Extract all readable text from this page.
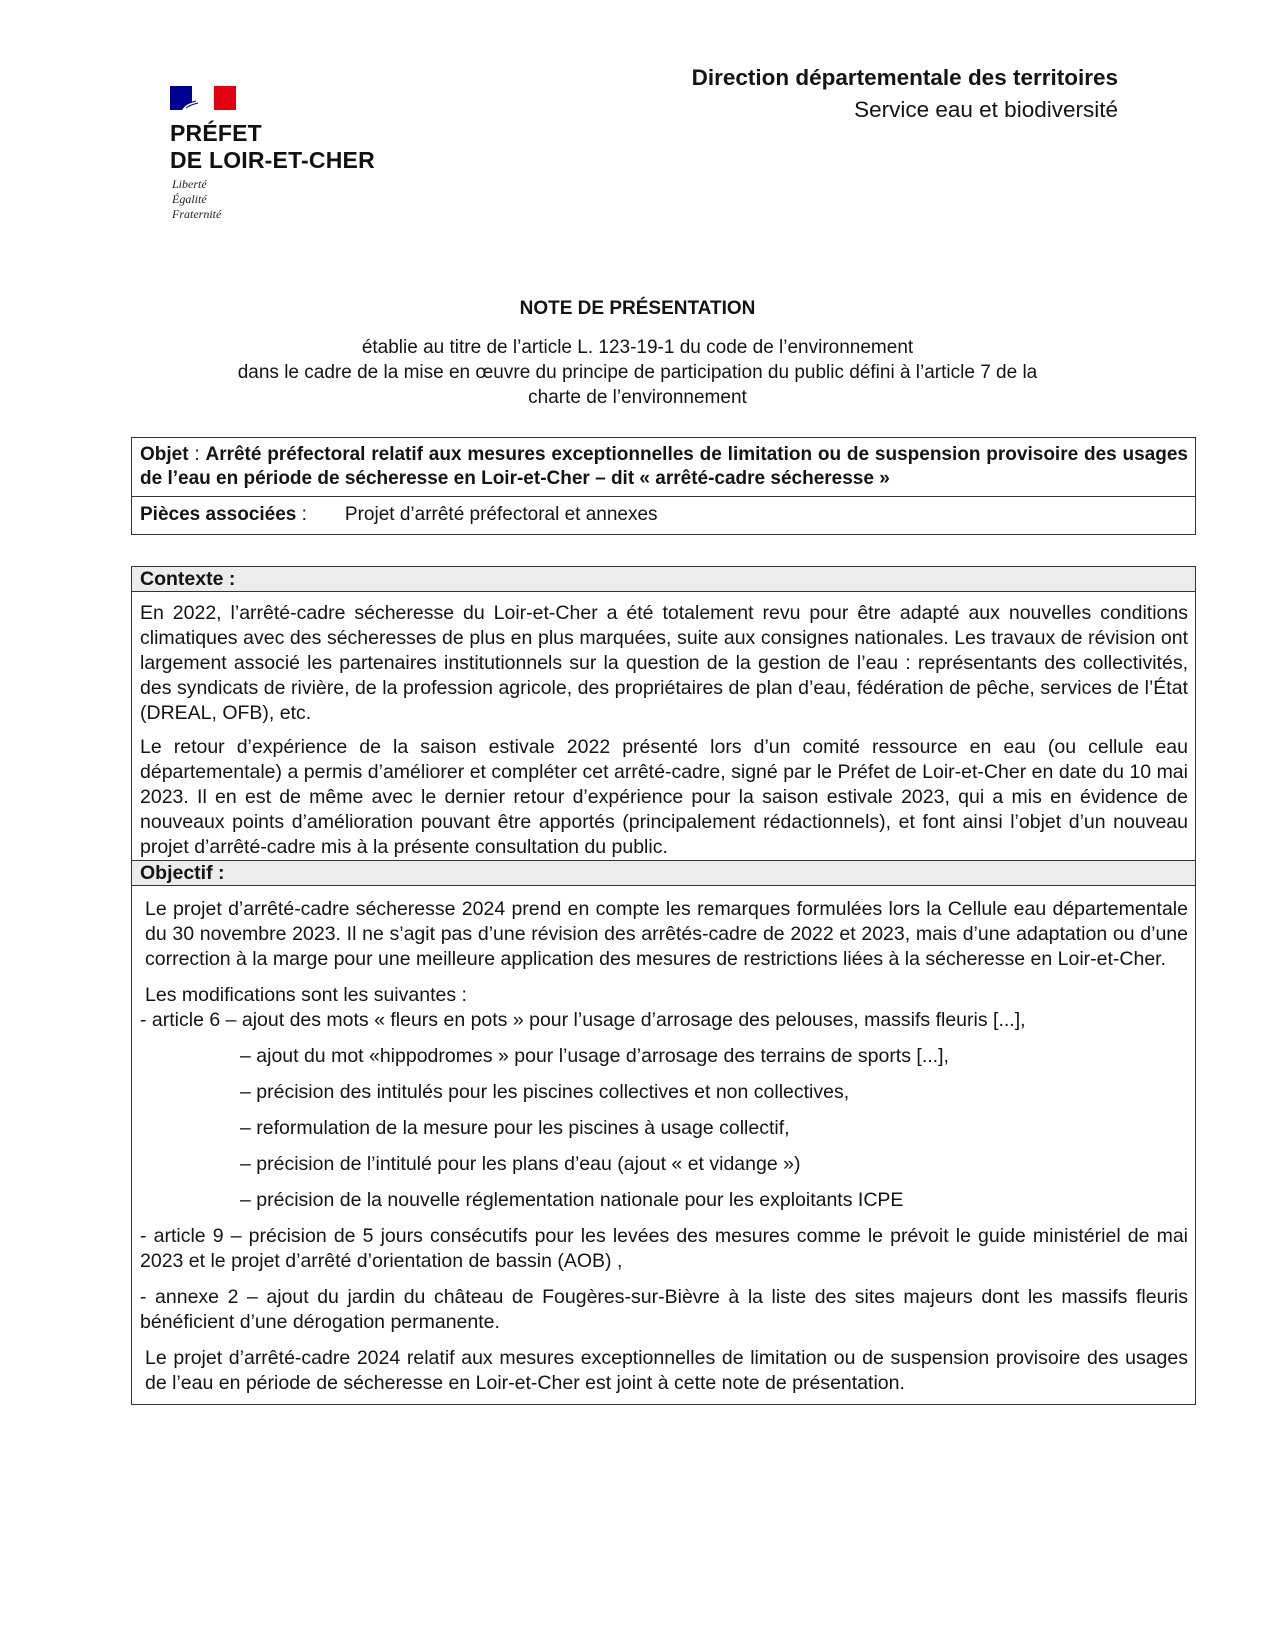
PRÉFET
DE LOIR-ET-CHER
Liberté
Égalité
Fraternité
Direction départementale des territoires
Service eau et biodiversité
NOTE DE PRÉSENTATION
établie au titre de l’article L. 123-19-1 du code de l’environnement
dans le cadre de la mise en œuvre du principe de participation du public défini à l’article 7 de la
charte de l’environnement
Objet : Arrêté préfectoral relatif aux mesures exceptionnelles de limitation ou de suspension provisoire des usages de l’eau en période de sécheresse en Loir-et-Cher – dit « arrêté-cadre sécheresse »
Pièces associées : Projet d’arrêté préfectoral et annexes
Contexte :

En 2022, l’arrêté-cadre sécheresse du Loir-et-Cher a été totalement revu pour être adapté aux nouvelles conditions climatiques avec des sécheresses de plus en plus marquées, suite aux consignes nationales. Les travaux de révision ont largement associé les partenaires institutionnels sur la question de la gestion de l’eau : représentants des collectivités, des syndicats de rivière, de la profession agricole, des propriétaires de plan d’eau, fédération de pêche, services de l’État (DREAL, OFB), etc.

Le retour d’expérience de la saison estivale 2022 présenté lors d’un comité ressource en eau (ou cellule eau départementale) a permis d’améliorer et compléter cet arrêté-cadre, signé par le Préfet de Loir-et-Cher en date du 10 mai 2023. Il en est de même avec le dernier retour d’expérience pour la saison estivale 2023, qui a mis en évidence de nouveaux points d’amélioration pouvant être apportés (principalement rédactionnels), et font ainsi l’objet d’un nouveau projet d’arrêté-cadre mis à la présente consultation du public.

Objectif :

Le projet d’arrêté-cadre sécheresse 2024 prend en compte les remarques formulées lors la Cellule eau départementale du 30 novembre 2023. Il ne s’agit pas d’une révision des arrêtés-cadre de 2022 et 2023, mais d’une adaptation ou d’une correction à la marge pour une meilleure application des mesures de restrictions liées à la sécheresse en Loir-et-Cher.

Les modifications sont les suivantes :

- article 6 – ajout des mots « fleurs en pots » pour l’usage d’arrosage des pelouses, massifs fleuris [...],

– ajout du mot «hippodromes » pour l’usage d’arrosage des terrains de sports [...],

– précision des intitulés pour les piscines collectives et non collectives,

– reformulation de la mesure pour les piscines à usage collectif,

– précision de l’intitulé pour les plans d’eau (ajout « et vidange »)

– précision de la nouvelle réglementation nationale pour les exploitants ICPE

- article 9 – précision de 5 jours consécutifs pour les levées des mesures comme le prévoit le guide ministériel de mai 2023 et le projet d’arrêté d’orientation de bassin (AOB) ,

- annexe 2 – ajout du jardin du château de Fougères-sur-Bièvre à la liste des sites majeurs dont les massifs fleuris bénéficient d’une dérogation permanente.

Le projet d’arrêté-cadre 2024 relatif aux mesures exceptionnelles de limitation ou de suspension provisoire des usages de l’eau en période de sécheresse en Loir-et-Cher est joint à cette note de présentation.
